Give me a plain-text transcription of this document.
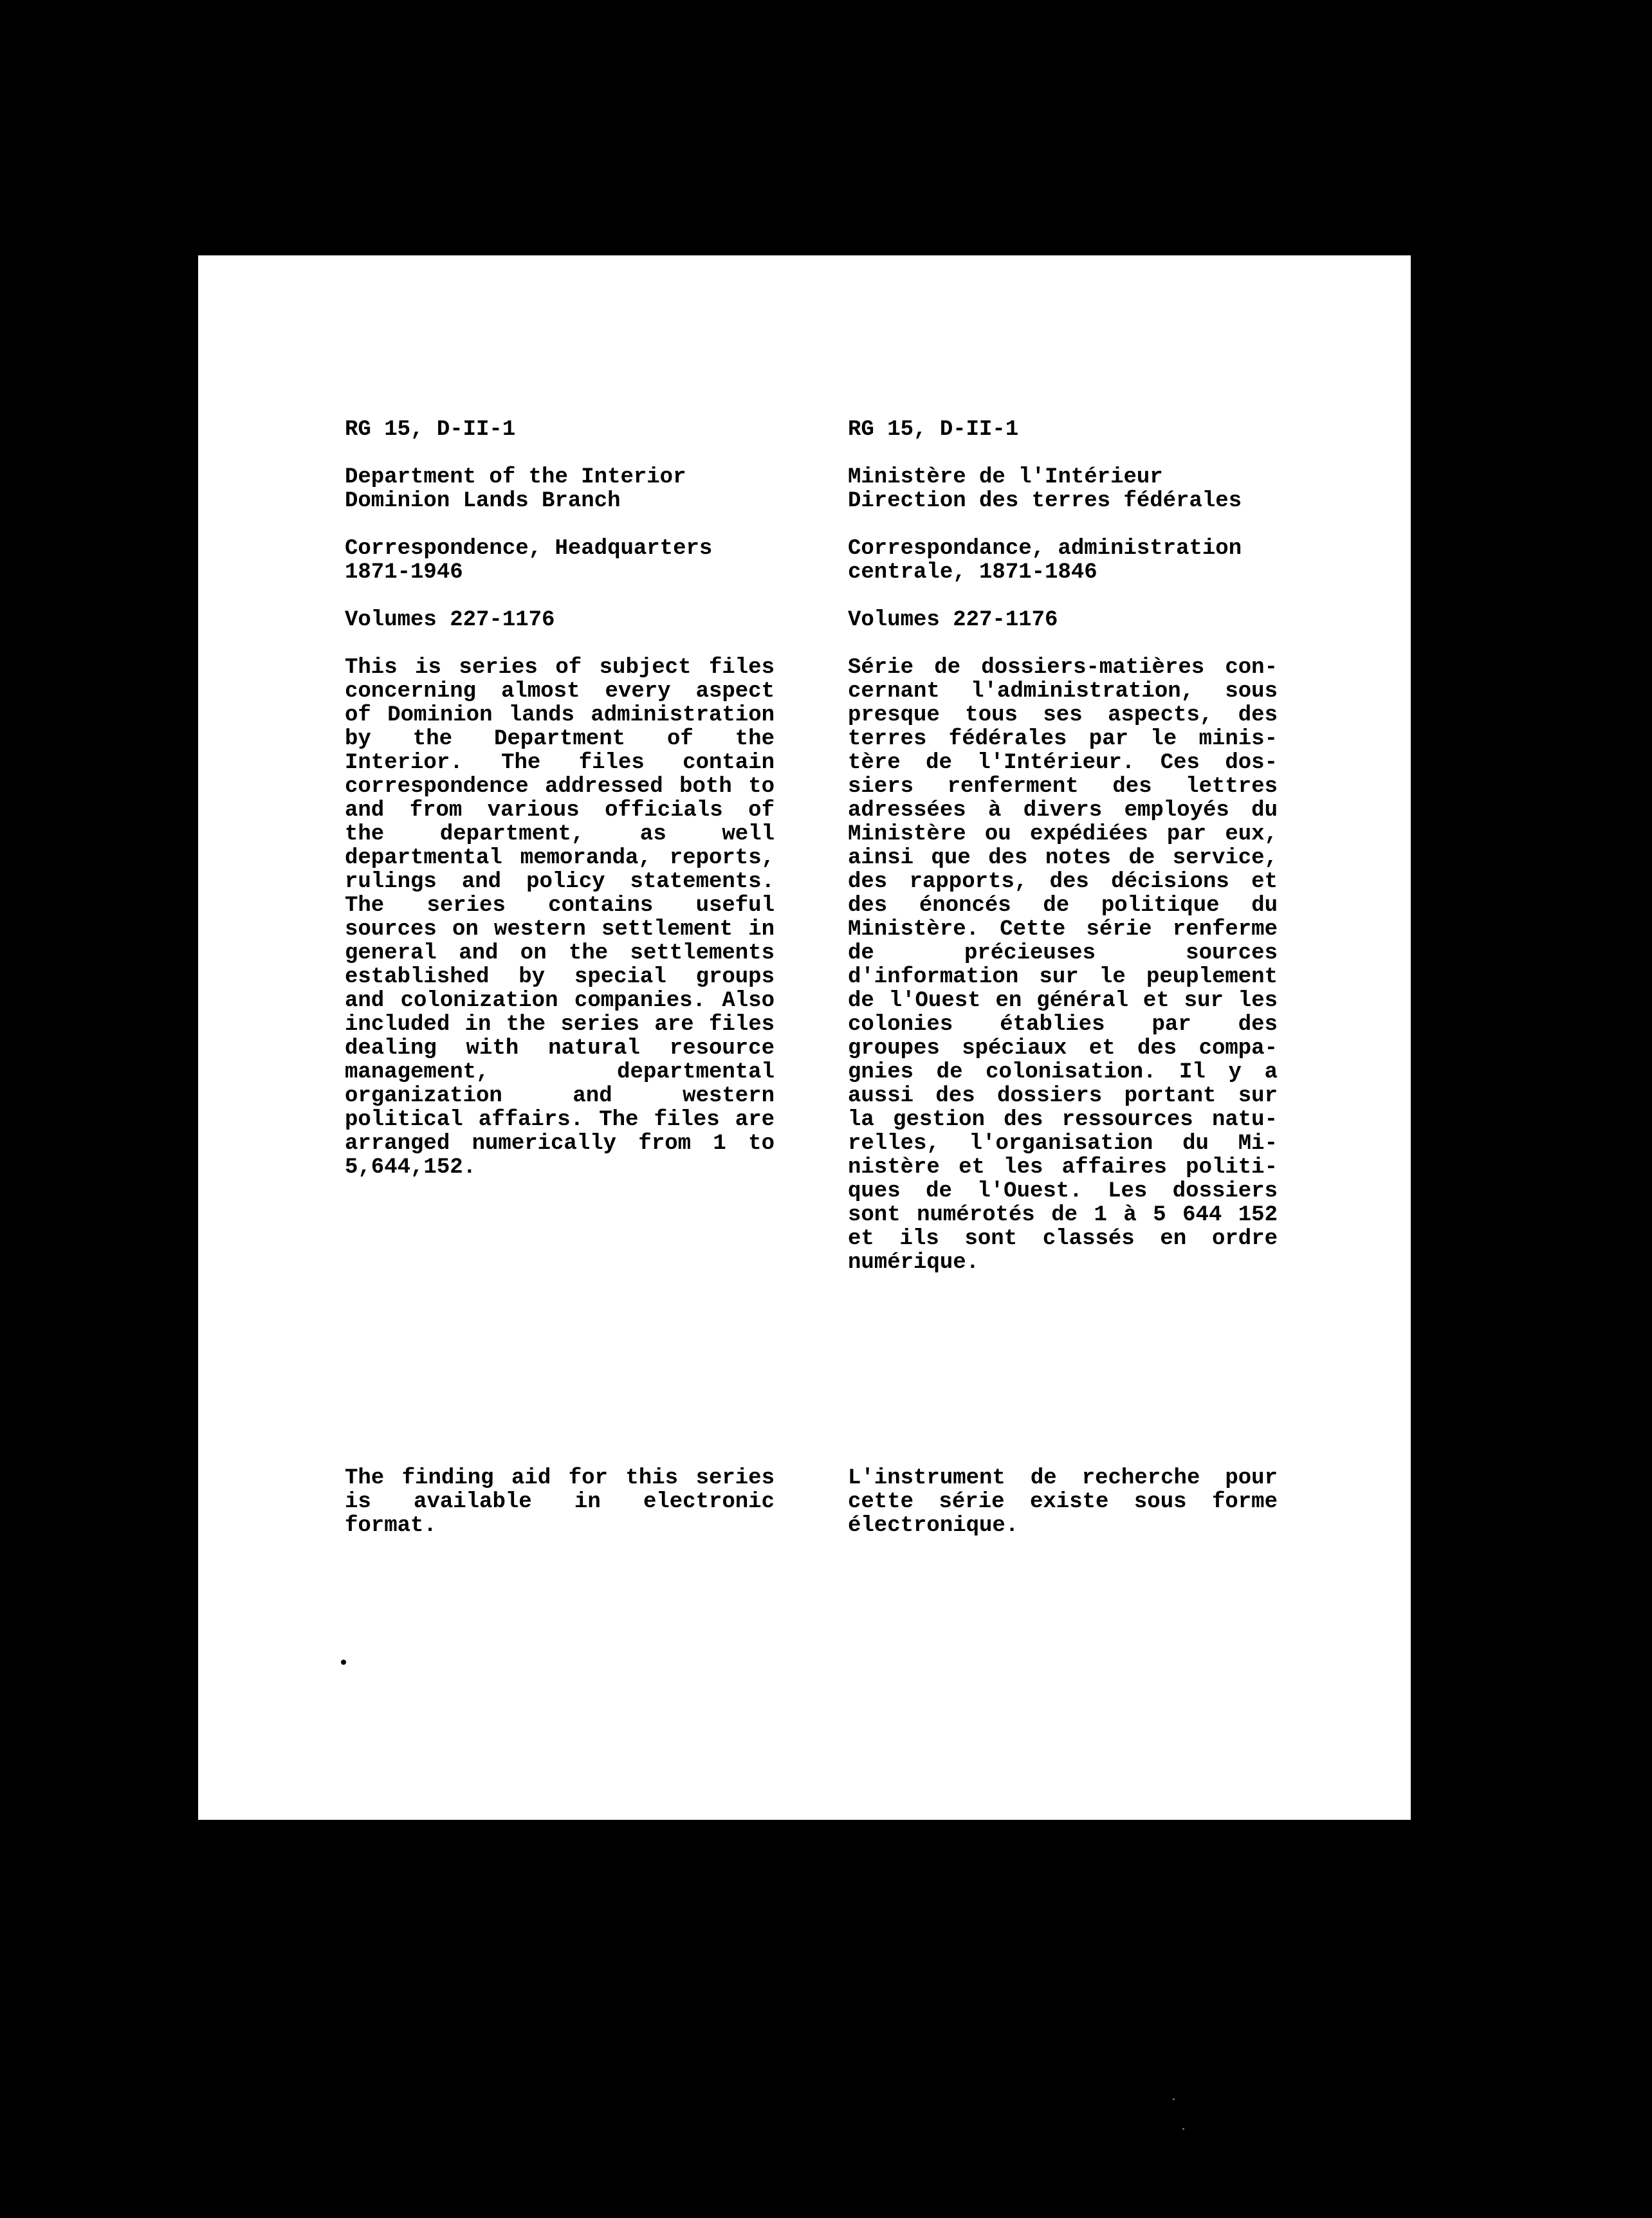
RG 15, D-II-1
Department of the Interior
Dominion Lands Branch
Correspondence, Headquarters
1871-1946
Volumes 227-1176
This is series of subject files concerning almost every aspect of Dominion lands administration by the Department of the Interior. The files contain correspondence addressed both to and from various officials of the department, as well departmental memoranda, reports, rulings and policy statements. The series contains useful sources on western settlement in general and on the settlements established by special groups and colonization companies. Also included in the series are files dealing with natural resource management, departmental organization and western political affairs. The files are arranged numerically from 1 to 5,644,152.
The finding aid for this series is available in electronic format.
RG 15, D-II-1
Ministère de l'Intérieur
Direction des terres fédérales
Correspondance, administration
centrale, 1871-1846
Volumes 227-1176
Série de dossiers-matières concernant l'administration, sous presque tous ses aspects, des terres fédérales par le ministère de l'Intérieur. Ces dossiers renferment des lettres adressées à divers employés du Ministère ou expédiées par eux, ainsi que des notes de service, des rapports, des décisions et des énoncés de politique du Ministère. Cette série renferme de précieuses sources d'information sur le peuplement de l'Ouest en général et sur les colonies établies par des groupes spéciaux et des compagnies de colonisation. Il y a aussi des dossiers portant sur la gestion des ressources naturelles, l'organisation du Ministère et les affaires politiques de l'Ouest. Les dossiers sont numérotés de 1 à 5 644 152 et ils sont classés en ordre numérique.
L'instrument de recherche pour cette série existe sous forme électronique.
